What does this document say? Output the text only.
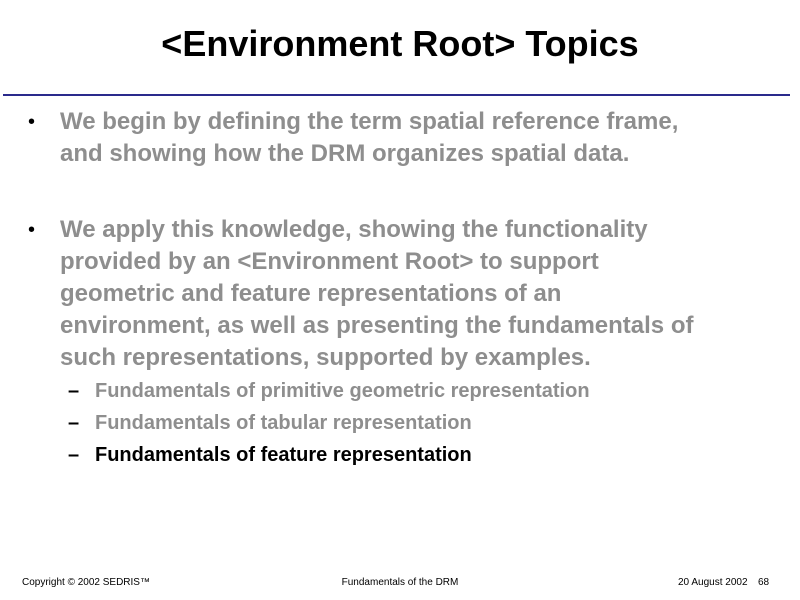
<Environment Root> Topics
• We begin by defining the term spatial reference frame,
and showing how the DRM organizes spatial data.
• We apply this knowledge, showing the functionality
provided by an <Environment Root> to support
geometric and feature representations of an
environment, as well as presenting the fundamentals of
such representations, supported by examples.
– Fundamentals of primitive geometric representation
– Fundamentals of tabular representation
– Fundamentals of feature representation
Copyright © 2002 SEDRIS™	Fundamentals of the DRM	20 August 2002 68
